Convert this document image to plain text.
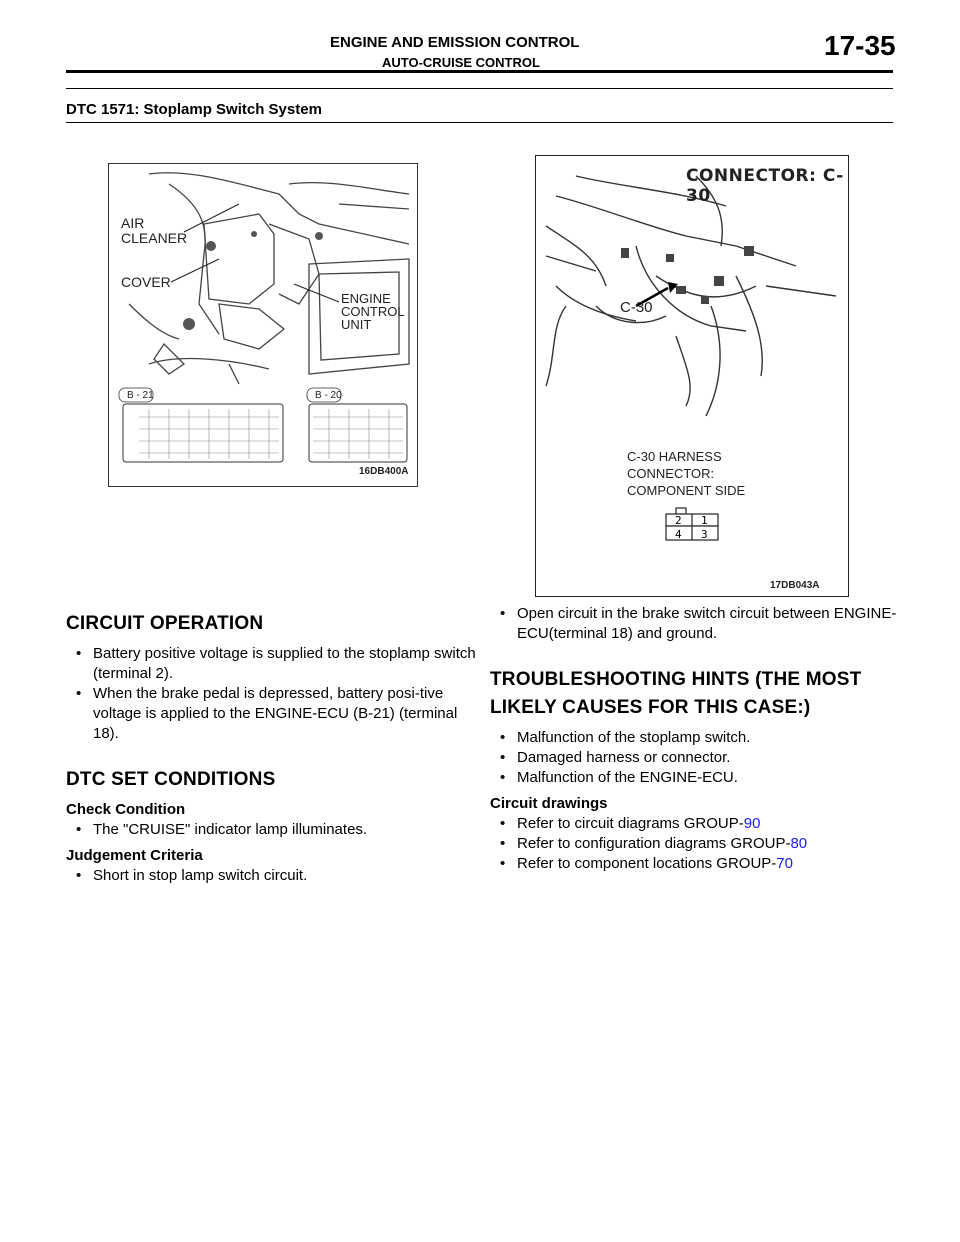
ENGINE AND EMISSION CONTROL
AUTO-CRUISE CONTROL
17-35
DTC 1571: Stoplamp Switch System
AIR
CLEANER
COVER
ENGINE
CONTROL
UNIT
B - 21	B - 20
16DB400A
CONNECTOR: C-30
C-30
C-30 HARNESS
CONNECTOR:
COMPONENT SIDE
2 1
4 3
17DB043A
CIRCUIT OPERATION
• Battery positive voltage is supplied to the stoplamp switch (terminal 2).
• When the brake pedal is depressed, battery posi-tive voltage is applied to the ENGINE-ECU (B-21) (terminal 18).
DTC SET CONDITIONS
Check Condition
• The "CRUISE" indicator lamp illuminates.
Judgement Criteria
• Short in stop lamp switch circuit.
• Open circuit in the brake switch circuit between ENGINE-ECU(terminal 18) and ground.
TROUBLESHOOTING HINTS (THE MOST LIKELY CAUSES FOR THIS CASE:)
• Malfunction of the stoplamp switch.
• Damaged harness or connector.
• Malfunction of the ENGINE-ECU.
Circuit drawings
• Refer to circuit diagrams GROUP-90
• Refer to configuration diagrams GROUP-80
• Refer to component locations GROUP-70
